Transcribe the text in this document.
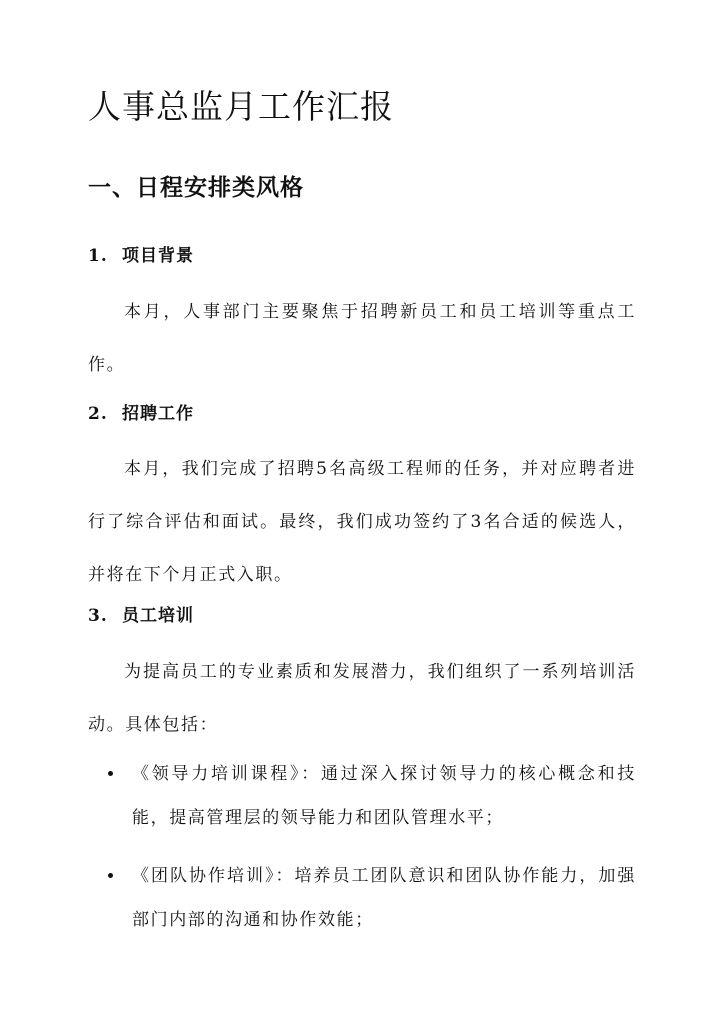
人事总监月工作汇报
一、日程安排类风格
1. 项目背景

本月，人事部门主要聚焦于招聘新员工和员工培训等重点工作。

2. 招聘工作

本月，我们完成了招聘5名高级工程师的任务，并对应聘者进行了综合评估和面试。最终，我们成功签约了3名合适的候选人，并将在下个月正式入职。

3. 员工培训

为提高员工的专业素质和发展潜力，我们组织了一系列培训活动。具体包括：

《领导力培训课程》：通过深入探讨领导力的核心概念和技能，提高管理层的领导能力和团队管理水平；
《团队协作培训》：培养员工团队意识和团队协作能力，加强部门内部的沟通和协作效能；
